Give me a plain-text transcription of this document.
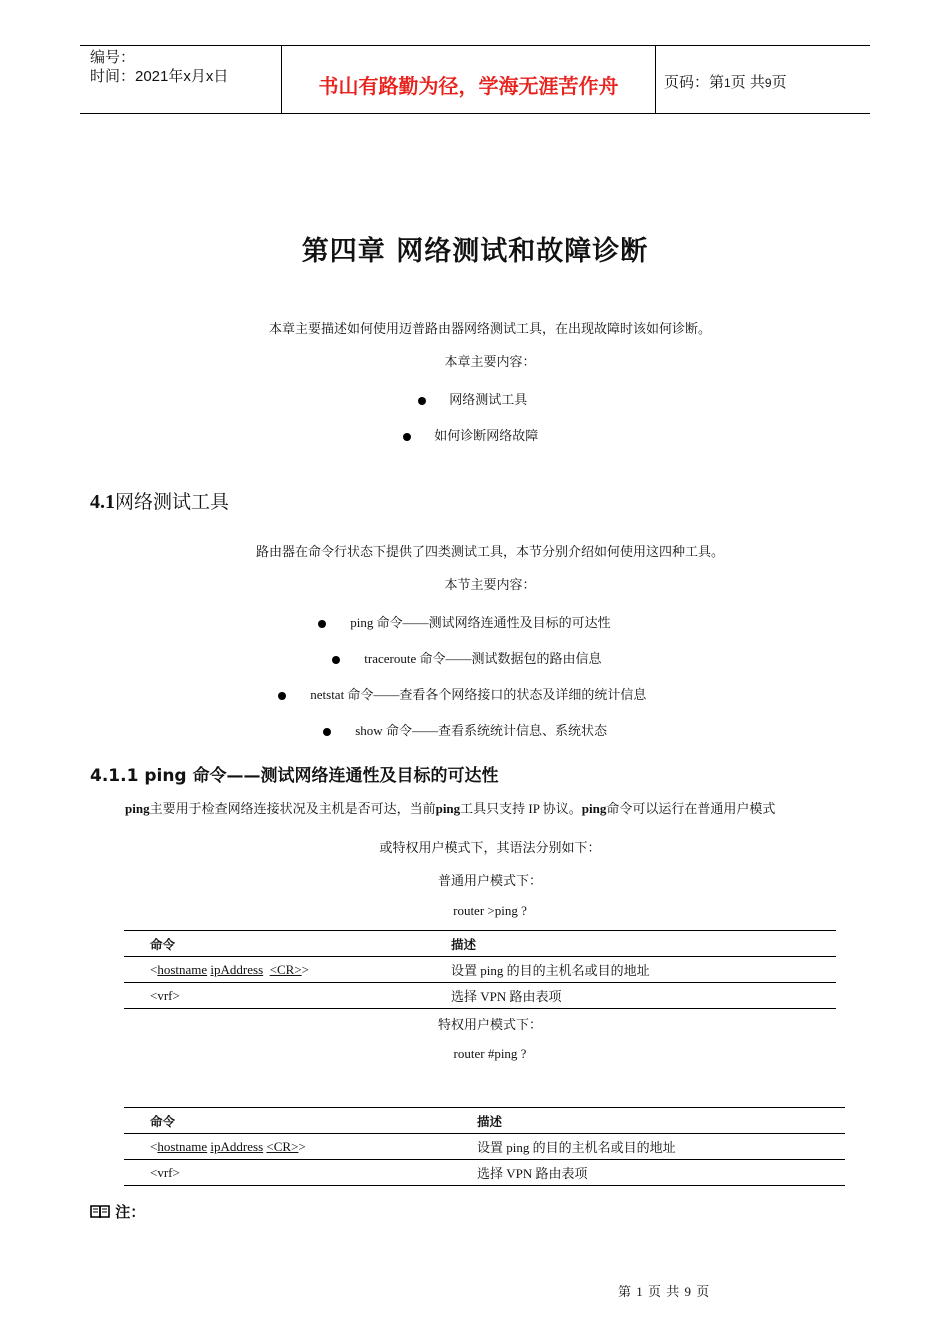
编号：
时间：2021年x月x日	书山有路勤为径，学海无涯苦作舟	页码：第1页 共9页
第四章 网络测试和故障诊断
本章主要描述如何使用迈普路由器网络测试工具，在出现故障时该如何诊断。
本章主要内容：
网络测试工具
如何诊断网络故障
4.1网络测试工具
路由器在命令行状态下提供了四类测试工具，本节分别介绍如何使用这四种工具。
本节主要内容：
ping 命令——测试网络连通性及目标的可达性
traceroute 命令——测试数据包的路由信息
netstat 命令——查看各个网络接口的状态及详细的统计信息
show 命令——查看系统统计信息、系统状态
4.1.1 ping 命令——测试网络连通性及目标的可达性
ping主要用于检查网络连接状况及主机是否可达，当前ping工具只支持 IP 协议。ping命令可以运行在普通用户模式
或特权用户模式下，其语法分别如下：
普通用户模式下：
router >ping ?
命令	描述
<hostname ipAddress <CR>>	设置 ping 的目的主机名或目的地址
<vrf>	选择 VPN 路由表项
特权用户模式下：
router #ping ?
命令	描述
<hostname ipAddress <CR>>	设置 ping 的目的主机名或目的地址
<vrf>	选择 VPN 路由表项
注：
第 1 页 共 9 页
